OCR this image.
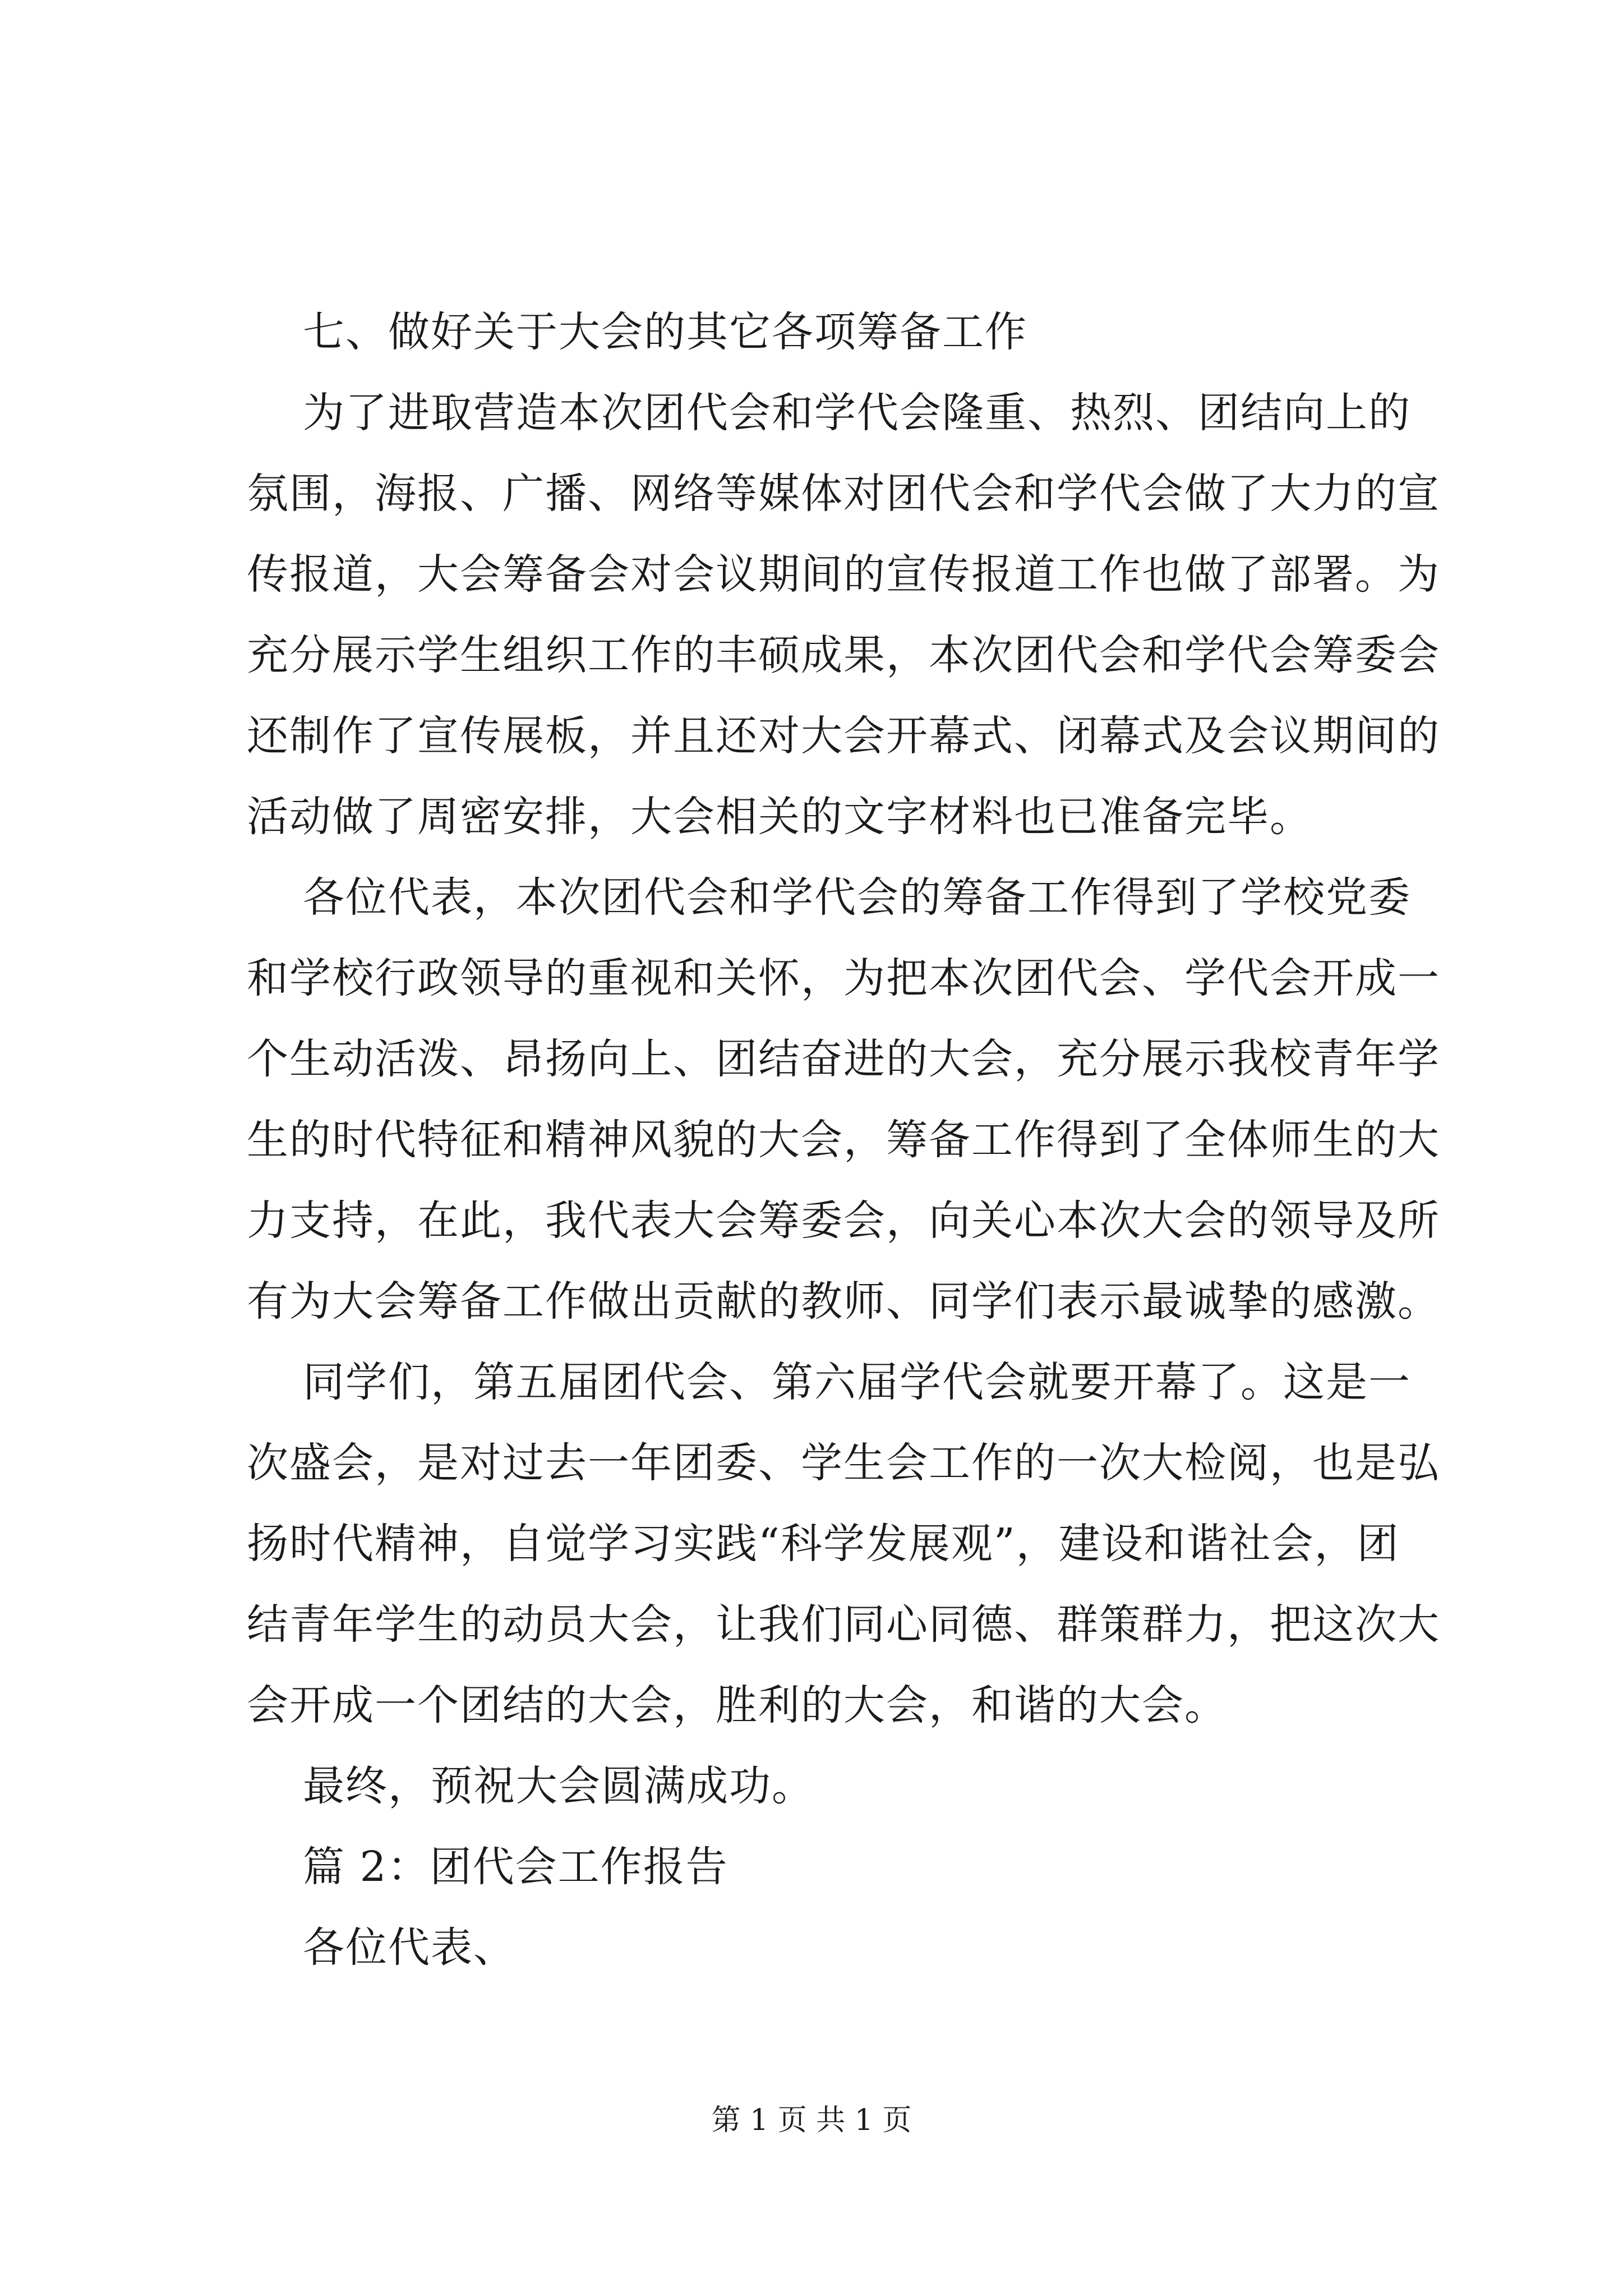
七、做好关于大会的其它各项筹备工作
为了进取营造本次团代会和学代会隆重、热烈、团结向上的
氛围，海报、广播、网络等媒体对团代会和学代会做了大力的宣
传报道，大会筹备会对会议期间的宣传报道工作也做了部署。为
充分展示学生组织工作的丰硕成果，本次团代会和学代会筹委会
还制作了宣传展板，并且还对大会开幕式、闭幕式及会议期间的
活动做了周密安排，大会相关的文字材料也已准备完毕。
各位代表，本次团代会和学代会的筹备工作得到了学校党委
和学校行政领导的重视和关怀，为把本次团代会、学代会开成一
个生动活泼、昂扬向上、团结奋进的大会，充分展示我校青年学
生的时代特征和精神风貌的大会，筹备工作得到了全体师生的大
力支持，在此，我代表大会筹委会，向关心本次大会的领导及所
有为大会筹备工作做出贡献的教师、同学们表示最诚挚的感激。
同学们，第五届团代会、第六届学代会就要开幕了。这是一
次盛会，是对过去一年团委、学生会工作的一次大检阅，也是弘
扬时代精神，自觉学习实践“科学发展观”，建设和谐社会，团
结青年学生的动员大会，让我们同心同德、群策群力，把这次大
会开成一个团结的大会，胜利的大会，和谐的大会。
最终，预祝大会圆满成功。
篇 2：团代会工作报告
各位代表、
第 1 页 共 1 页
